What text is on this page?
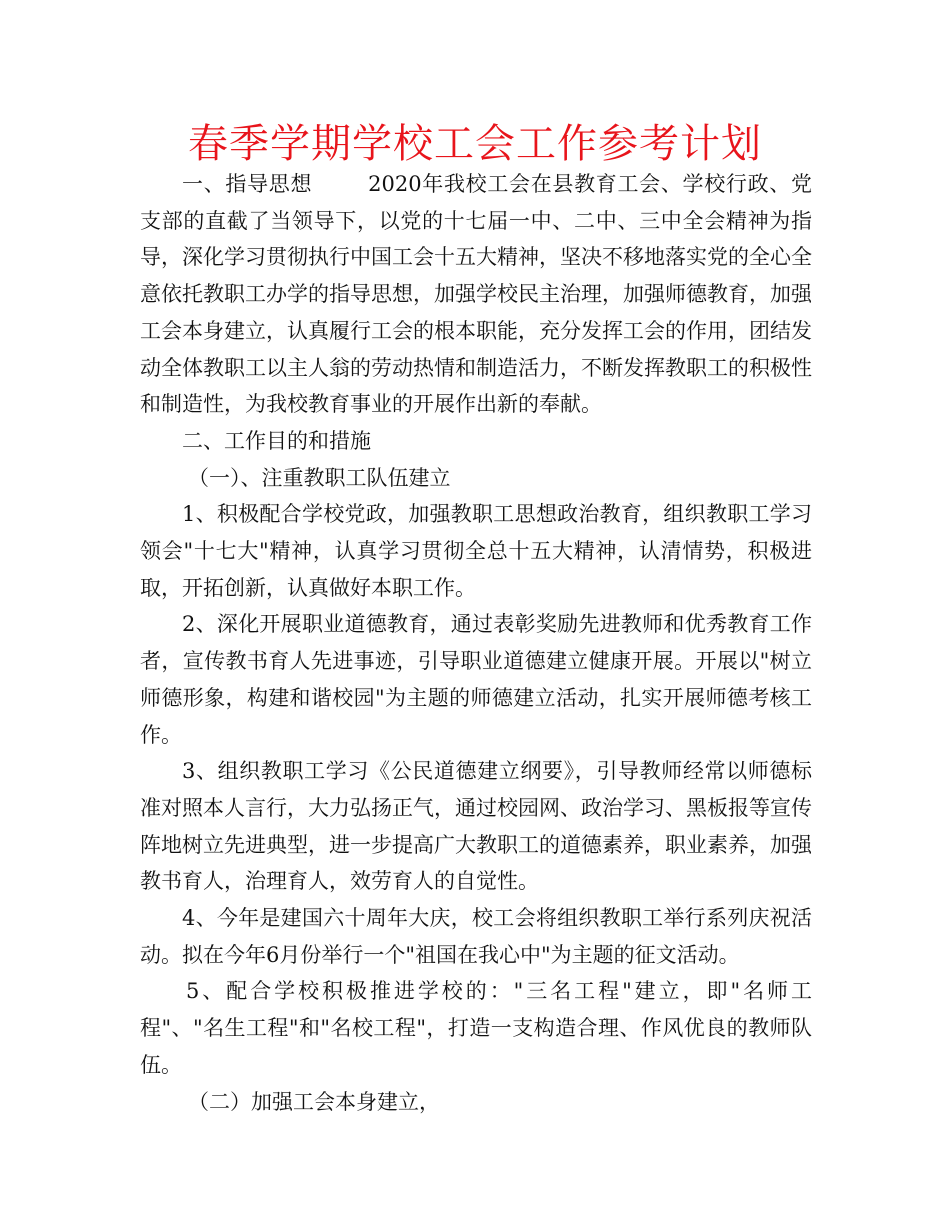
春季学期学校工会工作参考计划

一、指导思想	2020年我校工会在县教育工会、学校行政、党支部的直截了当领导下，以党的十七届一中、二中、三中全会精神为指导，深化学习贯彻执行中国工会十五大精神，坚决不移地落实党的全心全意依托教职工办学的指导思想，加强学校民主治理，加强师德教育，加强工会本身建立，认真履行工会的根本职能，充分发挥工会的作用，团结发动全体教职工以主人翁的劳动热情和制造活力，不断发挥教职工的积极性和制造性，为我校教育事业的开展作出新的奉献。

二、工作目的和措施

（一）、注重教职工队伍建立

1、积极配合学校党政，加强教职工思想政治教育，组织教职工学习领会"十七大"精神，认真学习贯彻全总十五大精神，认清情势，积极进取，开拓创新，认真做好本职工作。

2、深化开展职业道德教育，通过表彰奖励先进教师和优秀教育工作者，宣传教书育人先进事迹，引导职业道德建立健康开展。开展以"树立师德形象，构建和谐校园"为主题的师德建立活动，扎实开展师德考核工作。

3、组织教职工学习《公民道德建立纲要》，引导教师经常以师德标准对照本人言行，大力弘扬正气，通过校园网、政治学习、黑板报等宣传阵地树立先进典型，进一步提高广大教职工的道德素养，职业素养，加强教书育人，治理育人，效劳育人的自觉性。

4、今年是建国六十周年大庆，校工会将组织教职工举行系列庆祝活动。拟在今年6月份举行一个"祖国在我心中"为主题的征文活动。

5、配合学校积极推进学校的："三名工程"建立，即"名师工程"、"名生工程"和"名校工程"，打造一支构造合理、作风优良的教师队伍。

（二）加强工会本身建立，
